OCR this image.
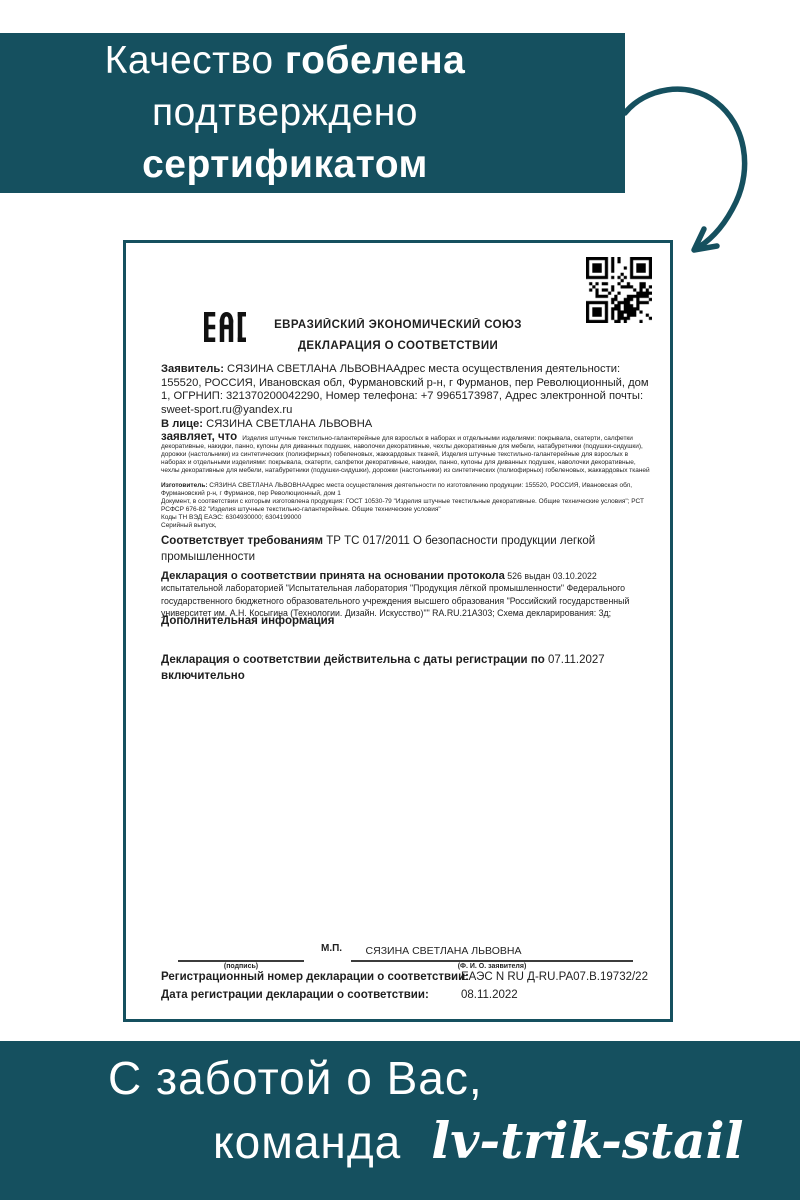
Качество гобелена
подтверждено
сертификатом
ЕВРАЗИЙСКИЙ ЭКОНОМИЧЕСКИЙ СОЮЗ
ДЕКЛАРАЦИЯ О СООТВЕТСТВИИ

Заявитель: СЯЗИНА СВЕТЛАНА ЛЬВОВНААдрес места осуществления деятельности: 155520, РОССИЯ, Ивановская обл, Фурмановский р-н, г Фурманов, пер Революционный, дом 1, ОГРНИП: 321370200042290, Номер телефона: +7 9965173987, Адрес электронной почты: sweet-sport.ru@yandex.ru

В лице: СЯЗИНА СВЕТЛАНА ЛЬВОВНА

заявляет, что Изделия штучные текстильно-галантерейные для взрослых в наборах и отдельными изделиями: покрывала, скатерти, салфетки декоративные, накидки, панно, купоны для диванных подушек, наволочки декоративные, чехлы декоративные для мебели, натабуретники (подушки-сидушки), дорожки (настольники) из синтетических (полиэфирных) гобеленовых, жаккардовых тканей, Изделия штучные текстильно-галантерейные для взрослых в наборах и отдельными изделиями: покрывала, скатерти, салфетки декоративные, накидки, панно, купоны для диванных подушек, наволочки декоративные, чехлы декоративные для мебели, натабуретники (подушки-сидушки), дорожки (настольники) из синтетических (полиофирных) гобеленовых, жаккардовых тканей

Изготовитель: СЯЗИНА СВЕТЛАНА ЛЬВОВНААдрес места осуществления деятельности по изготовлению продукции: 155520, РОССИЯ, Ивановская обл, Фурмановский р-н, г Фурманов, пер Революционный, дом 1

Документ, в соответствии с которым изготовлена продукция: ГОСТ 10530-79 "Изделия штучные текстильные декоративные. Общие технические условия"; РСТ РСФСР 676-82 "Изделия штучные текстильно-галантерейные. Общие технические условия"

Коды ТН ВЭД ЕАЭС: 6304930000; 6304199000

Серийный выпуск,

Соответствует требованиям ТР ТС 017/2011 О безопасности продукции легкой промышленности

Декларация о соответствии принята на основании протокола 526 выдан 03.10.2022 испытательной лабораторией "Испытательная лаборатория "Продукция лёгкой промышленности" Федерального государственного бюджетного образовательного учреждения высшего образования "Российский государственный университет им. А.Н. Косыгина (Технологии. Дизайн. Искусство)"" RA.RU.21А303; Схема декларирования: 3д;

Дополнительная информация

Декларация о соответствии действительна с даты регистрации по 07.11.2027
включительно

М.П.	СЯЗИНА СВЕТЛАНА ЛЬВОВНА
(подпись)	(Ф. И. О. заявителя)
Регистрационный номер декларации о соответствии:
ЕАЭС N RU Д-RU.РА07.В.19732/22
Дата регистрации декларации о соответствии:	08.11.2022
С заботой о Вас,
команда lv-trik-stail
